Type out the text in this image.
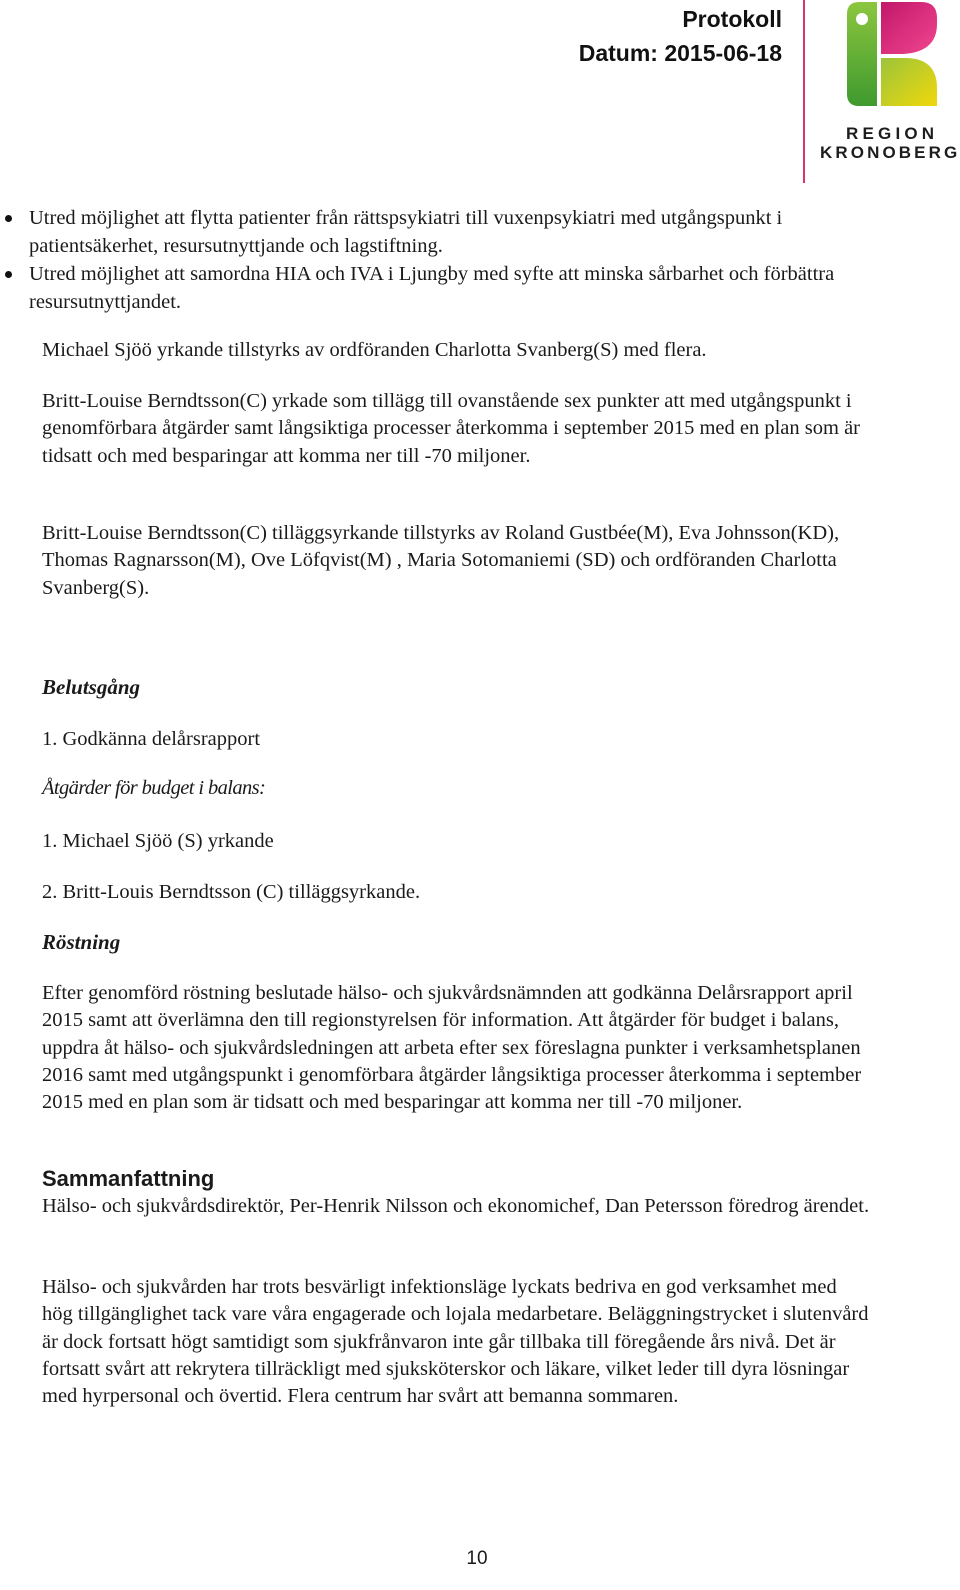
Protokoll
Datum: 2015-06-18
REGION
KRONOBERG
Utred möjlighet att flytta patienter från rättspsykiatri till vuxenpsykiatri med utgångspunkt i patientsäkerhet, resursutnyttjande och lagstiftning.
Utred möjlighet att samordna HIA och IVA i Ljungby med syfte att minska sårbarhet och förbättra resursutnyttjandet.

Michael Sjöö yrkande tillstyrks av ordföranden Charlotta Svanberg(S) med flera.

Britt-Louise Berndtsson(C) yrkade som tillägg till ovanstående sex punkter att med utgångspunkt i genomförbara åtgärder samt långsiktiga processer återkomma i september 2015 med en plan som är tidsatt och med besparingar att komma ner till -70 miljoner.

Britt-Louise Berndtsson(C) tilläggsyrkande tillstyrks av Roland Gustbée(M), Eva Johnsson(KD), Thomas Ragnarsson(M), Ove Löfqvist(M) , Maria Sotomaniemi (SD) och ordföranden Charlotta Svanberg(S).

Belutsgång

1. Godkänna delårsrapport

Åtgärder för budget i balans:

1. Michael Sjöö (S) yrkande

2. Britt-Louis Berndtsson (C) tilläggsyrkande.

Röstning

Efter genomförd röstning beslutade hälso- och sjukvårdsnämnden att godkänna Delårsrapport april 2015 samt att överlämna den till regionstyrelsen för information. Att åtgärder för budget i balans, uppdra åt hälso- och sjukvårdsledningen att arbeta efter sex föreslagna punkter i verksamhetsplanen 2016 samt med utgångspunkt i genomförbara åtgärder långsiktiga processer återkomma i september 2015 med en plan som är tidsatt och med besparingar att komma ner till -70 miljoner.

Sammanfattning

Hälso- och sjukvårdsdirektör, Per-Henrik Nilsson och ekonomichef, Dan Petersson föredrog ärendet.

Hälso- och sjukvården har trots besvärligt infektionsläge lyckats bedriva en god verksamhet med hög tillgänglighet tack vare våra engagerade och lojala medarbetare. Beläggningstrycket i slutenvård är dock fortsatt högt samtidigt som sjukfrånvaron inte går tillbaka till föregående års nivå. Det är fortsatt svårt att rekrytera tillräckligt med sjuksköterskor och läkare, vilket leder till dyra lösningar med hyrpersonal och övertid. Flera centrum har svårt att bemanna sommaren.

10
